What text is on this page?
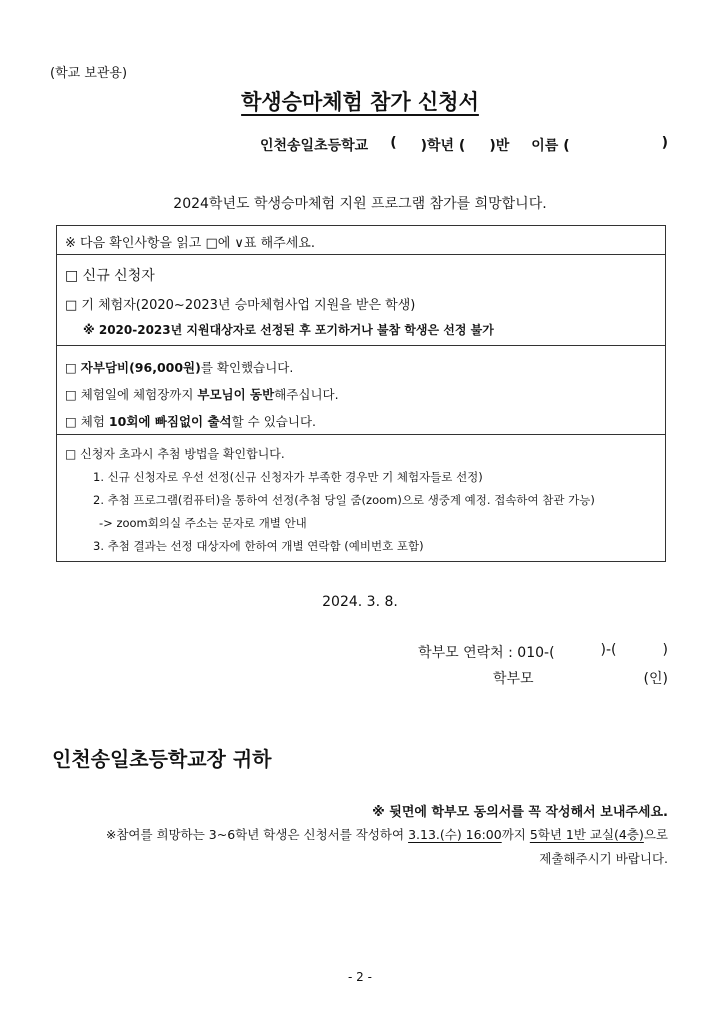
(학교 보관용)
학생승마체험 참가 신청서
인천송일초등학교 ( )학년 ( )반 이름 (	)
2024학년도 학생승마체험 지원 프로그램 참가를 희망합니다.
※ 다음 확인사항을 읽고 □에 ∨표 해주세요.
□ 신규 신청자
□ 기 체험자(2020~2023년 승마체험사업 지원을 받은 학생)
※ 2020-2023년 지원대상자로 선정된 후 포기하거나 불참 학생은 선정 불가
□ 자부담비(96,000원)를 확인했습니다.
□ 체험일에 체험장까지 부모님이 동반해주십니다.
□ 체험 10회에 빠짐없이 출석할 수 있습니다.
□ 신청자 초과시 추첨 방법을 확인합니다.
1. 신규 신청자로 우선 선정(신규 신청자가 부족한 경우만 기 체험자들로 선정)
2. 추첨 프로그램(컴퓨터)을 통하여 선정(추첨 당일 줌(zoom)으로 생중계 예정. 접속하여 참관 가능)
-> zoom회의실 주소는 문자로 개별 안내
3. 추첨 결과는 선정 대상자에 한하여 개별 연락함 (예비번호 포함)
2024. 3. 8.
학부모 연락처 : 010-(	)-(	)
학부모	(인)
인천송일초등학교장 귀하
※ 뒷면에 학부모 동의서를 꼭 작성해서 보내주세요.
※참여를 희망하는 3~6학년 학생은 신청서를 작성하여 3.13.(수) 16:00까지 5학년 1반 교실(4층)으로
제출해주시기 바랍니다.
- 2 -
